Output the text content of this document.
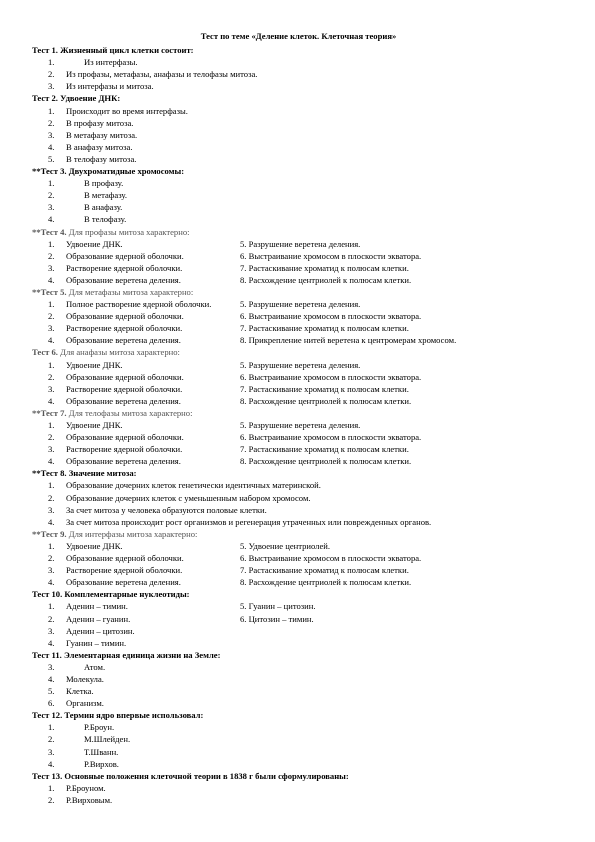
Тест по теме «Деление клеток. Клеточная теория»
Тест 1. Жизненный цикл клетки состоит:
1.	Из интерфазы.
2.	Из профазы, метафазы, анафазы и телофазы митоза.
3.	Из интерфазы и митоза.
Тест 2. Удвоение ДНК:
1.	Происходит во время интерфазы.
2.	В профазу митоза.
3.	В метафазу митоза.
4.	В анафазу митоза.
5.	В телофазу митоза.
**Тест 3. Двухроматидные хромосомы:
1.	В профазу.
2.	В метафазу.
3.	В анафазу.
4.	В телофазу.
**Тест 4. Для профазы митоза характерно:
1.	Удвоение ДНК.	5. Разрушение веретена деления.
2.	Образование ядерной оболочки.	6. Выстраивание хромосом в плоскости экватора.
3.	Растворение ядерной оболочки.	7. Растаскивание хроматид к полюсам клетки.
4.	Образование веретена деления.	8. Расхождение центриолей к полюсам клетки.
**Тест 5. Для метафазы митоза характерно:
1.	Полное растворение ядерной оболочки.	5. Разрушение веретена деления.
2.	Образование ядерной оболочки.	6. Выстраивание хромосом в плоскости экватора.
3.	Растворение ядерной оболочки.	7. Растаскивание хроматид к полюсам клетки.
4.	Образование веретена деления.	8. Прикрепление нитей веретена к центромерам хромосом.
Тест 6. Для анафазы митоза характерно:
1.	Удвоение ДНК.	5. Разрушение веретена деления.
2.	Образование ядерной оболочки.	6. Выстраивание хромосом в плоскости экватора.
3.	Растворение ядерной оболочки.	7. Растаскивание хроматид к полюсам клетки.
4.	Образование веретена деления.	8. Расхождение центриолей к полюсам клетки.
**Тест 7. Для телофазы митоза характерно:
1.	Удвоение ДНК.	5. Разрушение веретена деления.
2.	Образование ядерной оболочки.	6. Выстраивание хромосом в плоскости экватора.
3.	Растворение ядерной оболочки.	7. Растаскивание хроматид к полюсам клетки.
4.	Образование веретена деления.	8. Расхождение центриолей к полюсам клетки.
**Тест 8. Значение митоза:
1.	Образование дочерних клеток генетически идентичных материнской.
2.	Образование дочерних клеток с уменьшенным набором хромосом.
3.	За счет митоза у человека образуются половые клетки.
4.	За счет митоза происходит рост организмов и регенерация утраченных или поврежденных органов.
**Тест 9. Для интерфазы митоза характерно:
1.	Удвоение ДНК.	5. Удвоение центриолей.
2.	Образование ядерной оболочки.	6. Выстраивание хромосом в плоскости экватора.
3.	Растворение ядерной оболочки.	7. Растаскивание хроматид к полюсам клетки.
4.	Образование веретена деления.	8. Расхождение центриолей к полюсам клетки.
Тест 10. Комплементарные нуклеотиды:
1.	Аденин – тимин.	5. Гуанин – цитозин.
2.	Аденин – гуанин.	6. Цитозин – тимин.
3.	Аденин – цитозин.
4.	Гуанин – тимин.
Тест 11. Элементарная единица жизни на Земле:
3.	Атом.
4.	Молекула.
5.	Клетка.
6.	Организм.
Тест 12. Термин ядро впервые использовал:
1.	Р.Броун.
2.	М.Шлейден.
3.	Т.Шванн.
4.	Р.Вирхов.
Тест 13. Основные положения клеточной теории в 1838 г были сформулированы:
1.	Р.Броуном.
2.	Р.Вирховым.
